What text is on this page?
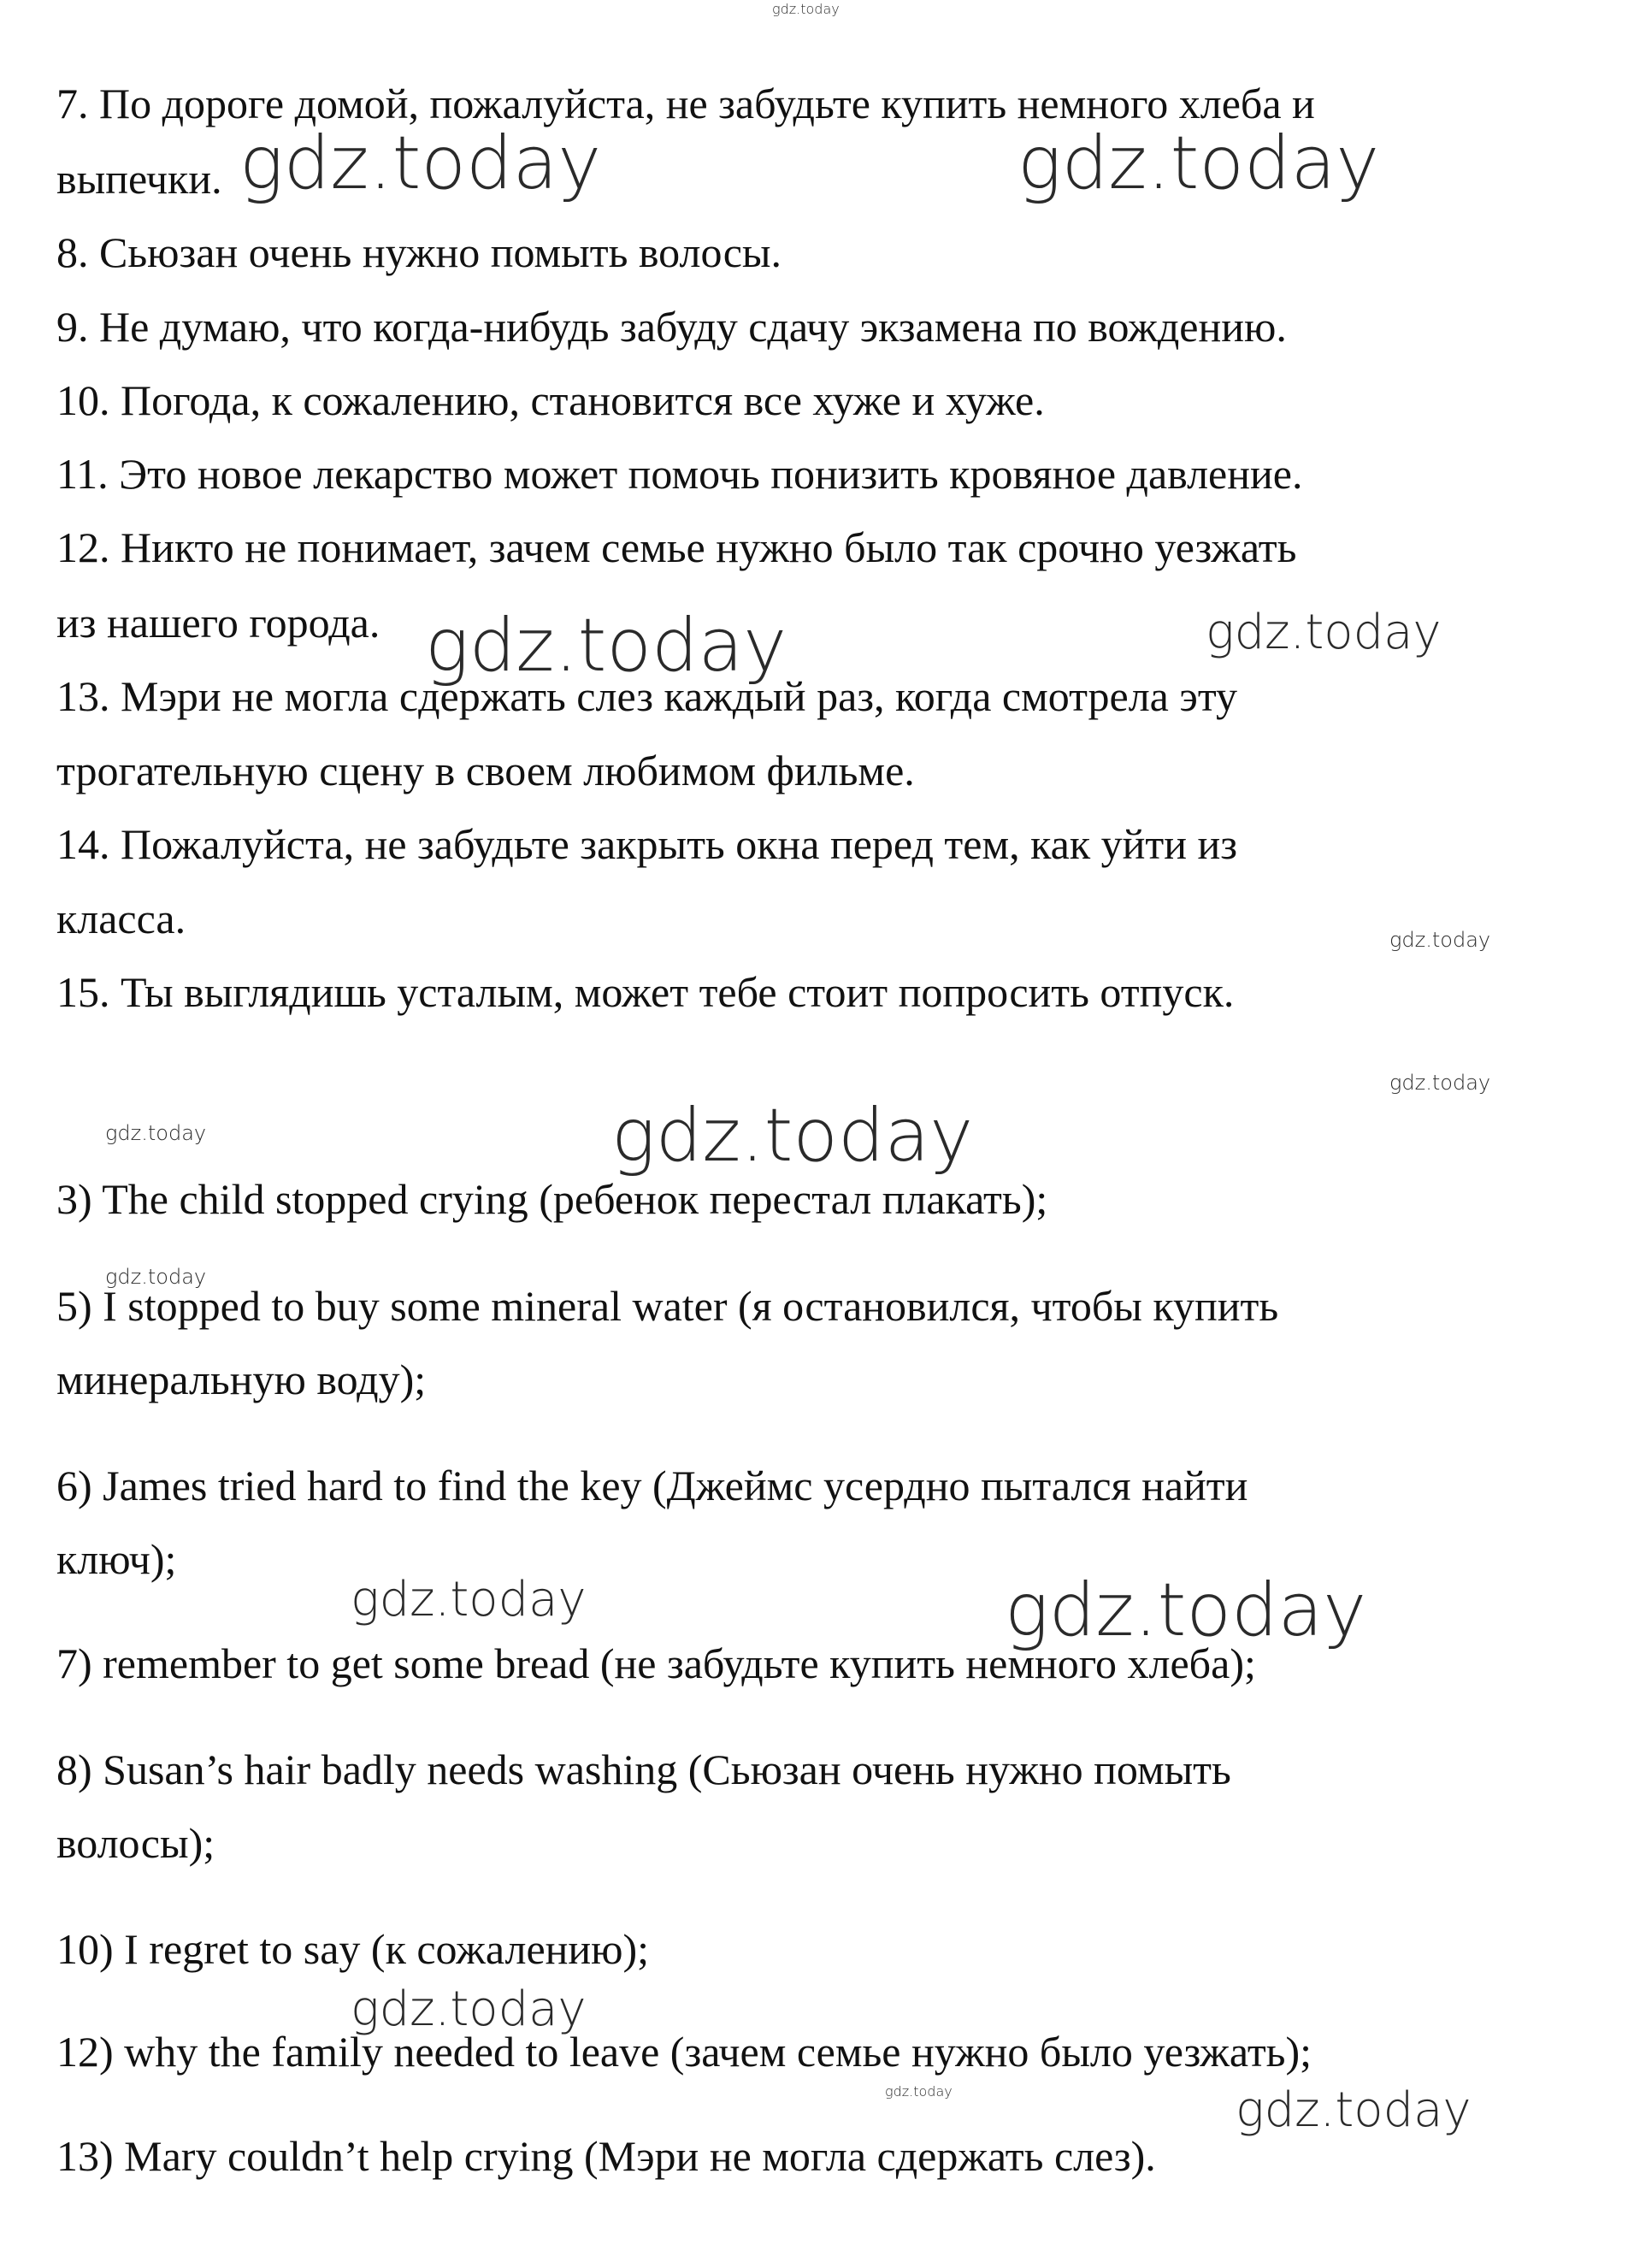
7. По дороге домой, пожалуйста, не забудьте купить немного хлеба и

выпечки.

8. Сьюзан очень нужно помыть волосы.

9. Не думаю, что когда-нибудь забуду сдачу экзамена по вождению.

10. Погода, к сожалению, становится все хуже и хуже.

11. Это новое лекарство может помочь понизить кровяное давление.

12. Никто не понимает, зачем семье нужно было так срочно уезжать

из нашего города.

13. Мэри не могла сдержать слез каждый раз, когда смотрела эту

трогательную сцену в своем любимом фильме.

14. Пожалуйста, не забудьте закрыть окна перед тем, как уйти из

класса.

15. Ты выглядишь усталым, может тебе стоит попросить отпуск.

3) The child stopped crying (ребенок перестал плакать);

5) I stopped to buy some mineral water (я остановился, чтобы купить

минеральную воду);

6) James tried hard to find the key (Джеймс усердно пытался найти

ключ);

7) remember to get some bread (не забудьте купить немного хлеба);

8) Susan’s hair badly needs washing (Сьюзан очень нужно помыть

волосы);

10) I regret to say (к сожалению);

12) why the family needed to leave (зачем семье нужно было уезжать);

13) Mary couldn’t help crying (Мэри не могла сдержать слез).

gdz.today
gdz.today	gdz.today
gdz.today	gdz.today
gdz.today
gdz.today
gdz.today	gdz.today
gdz.today
gdz.today	gdz.today
gdz.today
gdz.today	gdz.today
